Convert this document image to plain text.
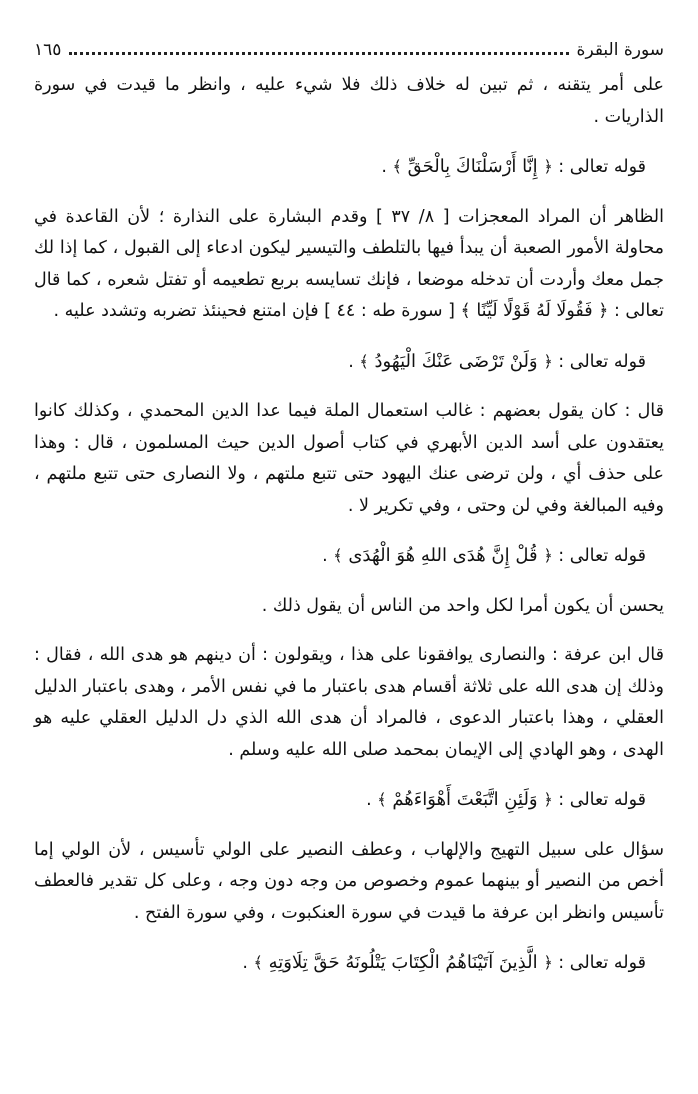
سورة البقرة
١٦٥

على أمر يتقنه ، ثم تبين له خلاف ذلك فلا شيء عليه ، وانظر ما قيدت في سورة الذاريات .

قوله تعالى : ﴿ إِنَّا أَرْسَلْنَاكَ بِالْحَقِّ ﴾ .

الظاهر أن المراد المعجزات [ ٨/ ٣٧ ] وقدم البشارة على النذارة ؛ لأن القاعدة في محاولة الأمور الصعبة أن يبدأ فيها بالتلطف والتيسير ليكون ادعاء إلى القبول ، كما إذا لك جمل معك وأردت أن تدخله موضعا ، فإنك تسايسه بربع تطعيمه أو تفتل شعره ، كما قال تعالى : ﴿ فَقُولَا لَهُ قَوْلًا لَيِّنًا ﴾ [ سورة طه : ٤٤ ] فإن امتنع فحينئذ تضربه وتشدد عليه .

قوله تعالى : ﴿ وَلَنْ تَرْضَى عَنْكَ الْيَهُودُ ﴾ .

قال : كان يقول بعضهم : غالب استعمال الملة فيما عدا الدين المحمدي ، وكذلك كانوا يعتقدون على أسد الدين الأبهري في كتاب أصول الدين حيث المسلمون ، قال : وهذا على حذف أي ، ولن ترضى عنك اليهود حتى تتبع ملتهم ، ولا النصارى حتى تتبع ملتهم ، وفيه المبالغة وفي لن وحتى ، وفي تكرير لا .

قوله تعالى : ﴿ قُلْ إِنَّ هُدَى اللهِ هُوَ الْهُدَى ﴾ .

يحسن أن يكون أمرا لكل واحد من الناس أن يقول ذلك .

قال ابن عرفة : والنصارى يوافقونا على هذا ، ويقولون : أن دينهم هو هدى الله ، فقال : وذلك إن هدى الله على ثلاثة أقسام هدى باعتبار ما في نفس الأمر ، وهدى باعتبار الدليل العقلي ، وهذا باعتبار الدعوى ، فالمراد أن هدى الله الذي دل الدليل العقلي عليه هو الهدى ، وهو الهادي إلى الإيمان بمحمد صلى الله عليه وسلم .

قوله تعالى : ﴿ وَلَئِنِ اتَّبَعْتَ أَهْوَاءَهُمْ ﴾ .

سؤال على سبيل التهيج والإلهاب ، وعطف النصير على الولي تأسيس ، لأن الولي إما أخص من النصير أو بينهما عموم وخصوص من وجه دون وجه ، وعلى كل تقدير فالعطف تأسيس وانظر ابن عرفة ما قيدت في سورة العنكبوت ، وفي سورة الفتح .

قوله تعالى : ﴿ الَّذِينَ آتَيْنَاهُمُ الْكِتَابَ يَتْلُونَهُ حَقَّ تِلَاوَتِهِ ﴾ .
